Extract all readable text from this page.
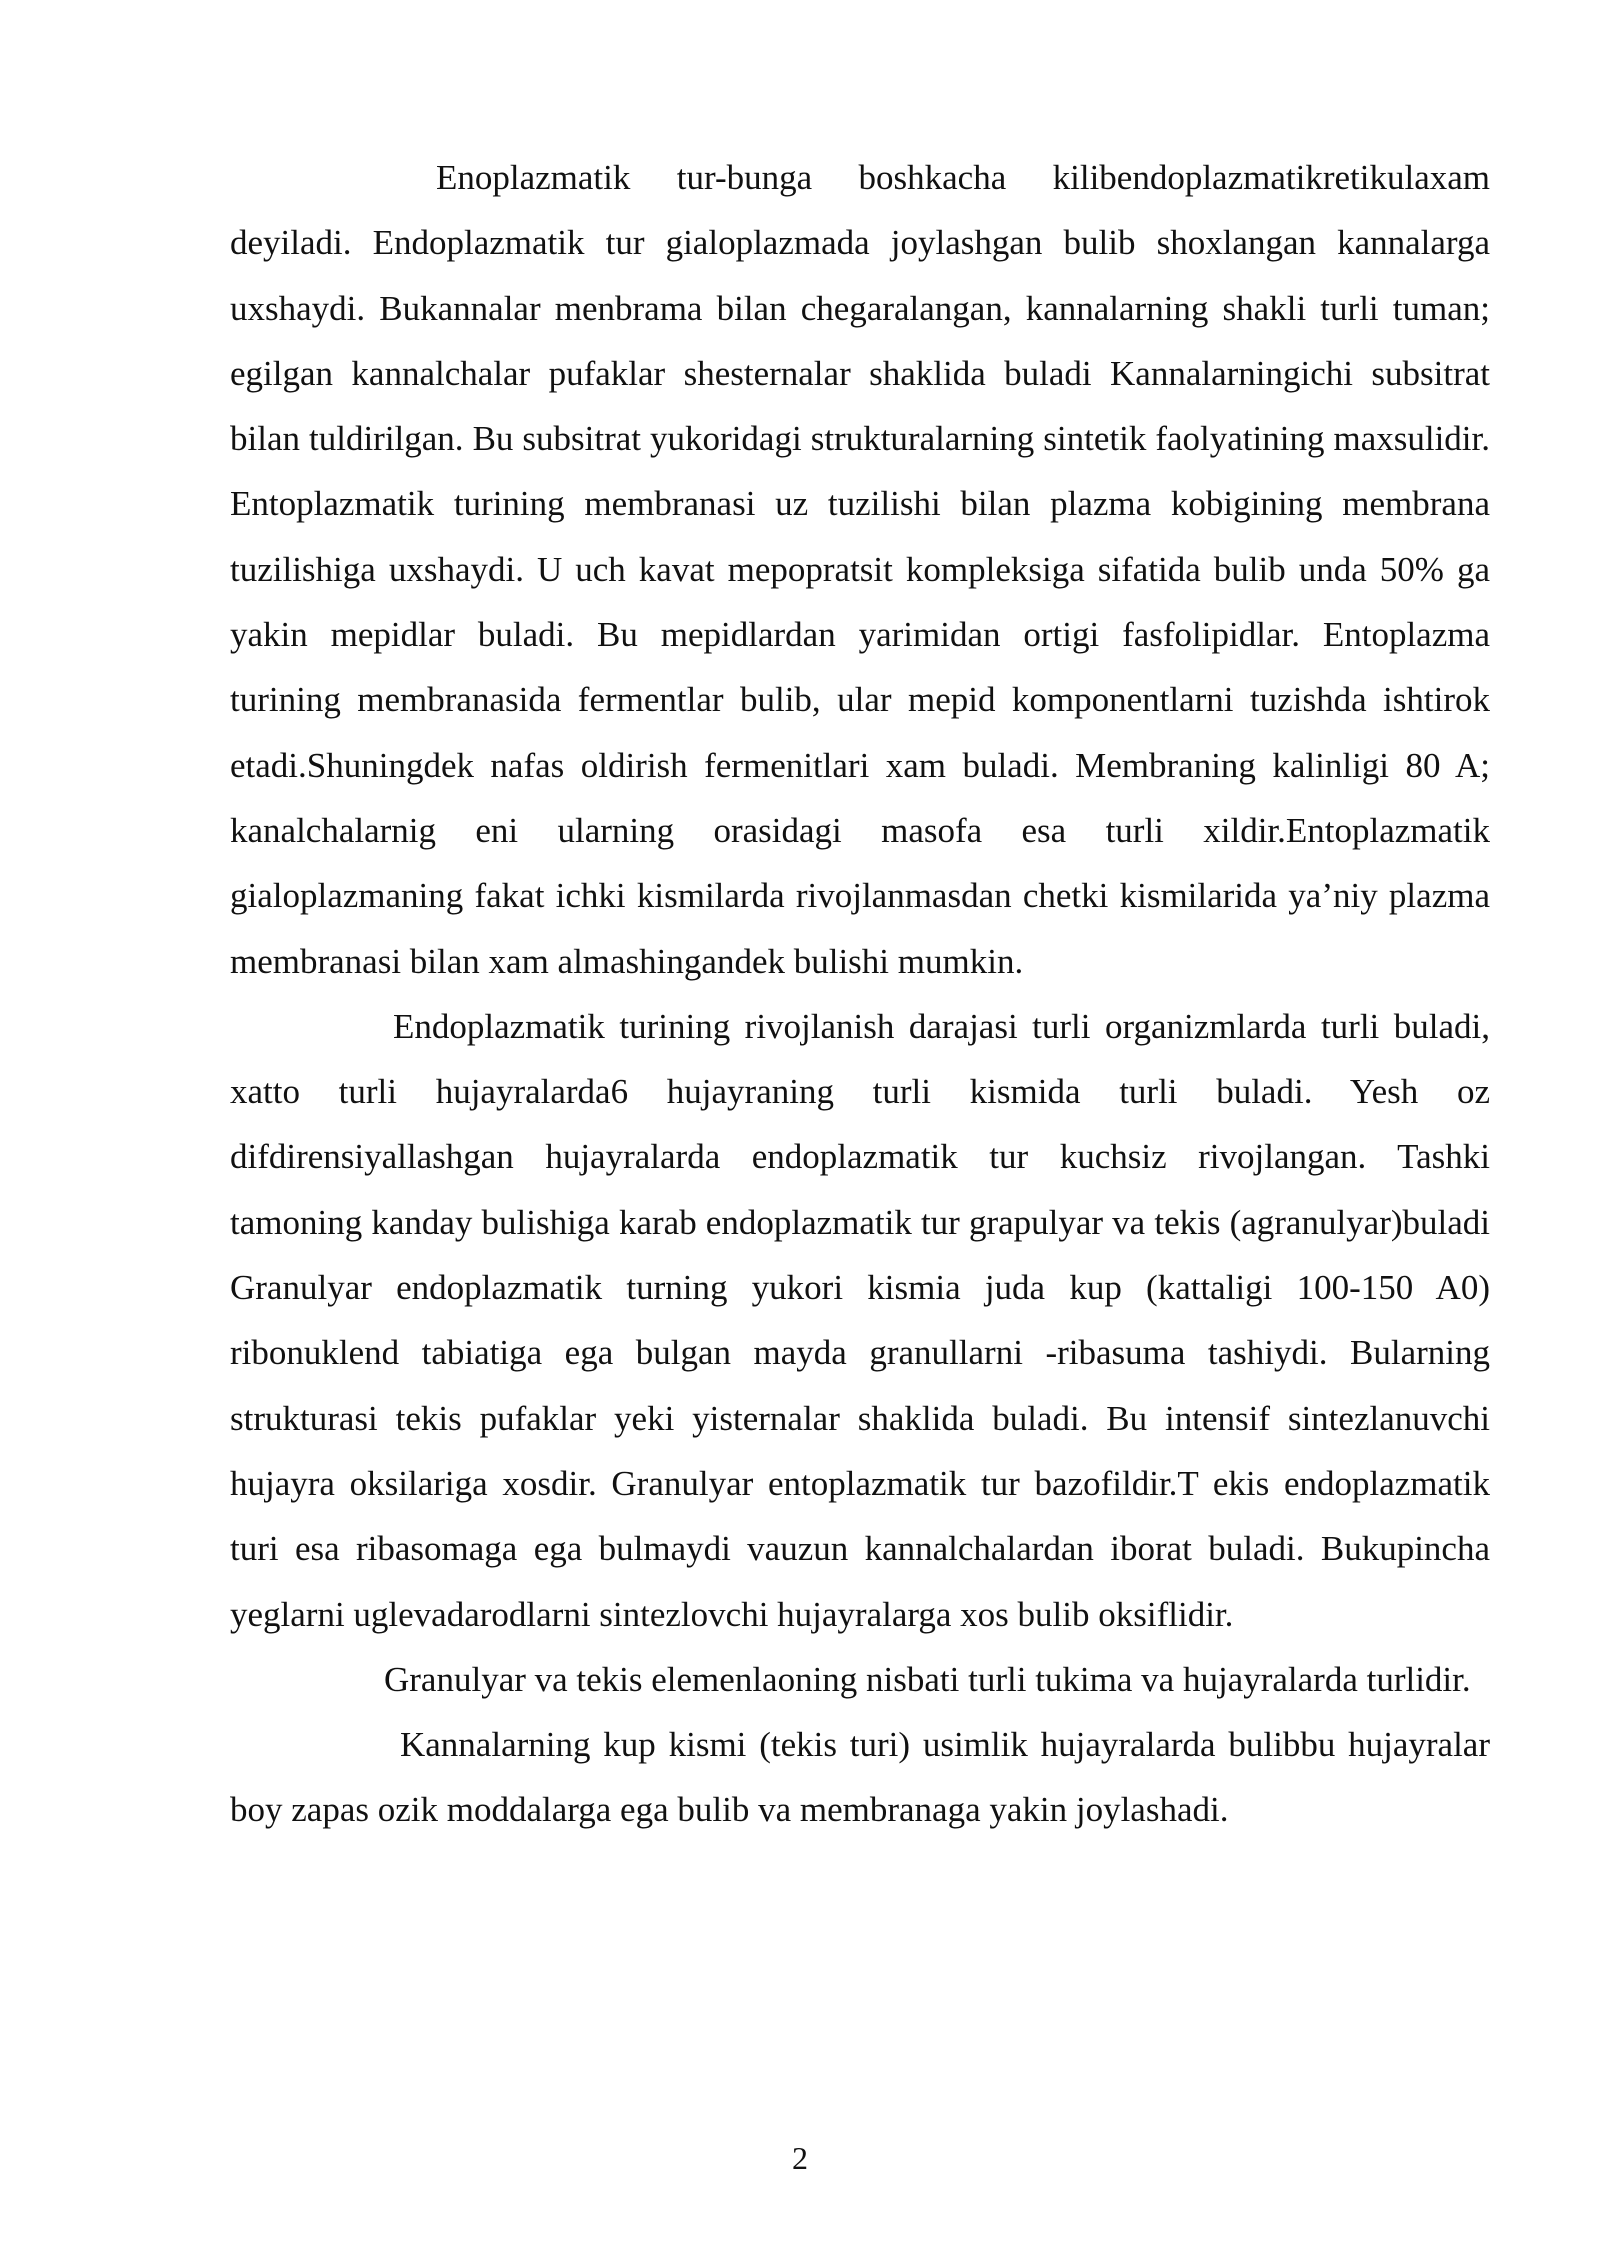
Enoplazmatik tur-bunga boshkacha kilibendoplazmatikretikulaxam deyiladi. Endoplazmatik tur gialoplazmada joylashgan bulib shoxlangan kannalarga uxshaydi. Bukannalar menbrama bilan chegaralangan, kannalarning shakli turli tuman; egilgan kannalchalar pufaklar shesternalar shaklida buladi Kannalarningichi subsitrat bilan tuldirilgan. Bu subsitrat yukoridagi strukturalarning sintetik faolyatining maxsulidir. Entoplazmatik turining membranasi uz tuzilishi bilan plazma kobigining membrana tuzilishiga uxshaydi. U uch kavat mepopratsit kompleksiga sifatida bulib unda 50% ga yakin mepidlar buladi. Bu mepidlardan yarimidan ortigi fasfolipidlar. Entoplazma turining membranasida fermentlar bulib, ular mepid komponentlarni tuzishda ishtirok etadi.Shuningdek nafas oldirish fermenitlari xam buladi. Membraning kalinligi 80 A; kanalchalarnig eni ularning orasidagi masofa esa turli xildir.Entoplazmatik gialoplazmaning fakat ichki kismilarda rivojlanmasdan chetki kismilarida ya’niy plazma membranasi bilan xam almashingandek bulishi mumkin.

Endoplazmatik turining rivojlanish darajasi turli organizmlarda turli buladi, xatto turli hujayralarda6 hujayraning turli kismida turli buladi. Yesh oz difdirensiyallashgan hujayralarda endoplazmatik tur kuchsiz rivojlangan. Tashki tamoning kanday bulishiga karab endoplazmatik tur grapulyar va tekis (agranulyar)buladi Granulyar endoplazmatik turning yukori kismia juda kup (kattaligi 100-150 A0) ribonuklend tabiatiga ega bulgan mayda granullarni -ribasuma tashiydi. Bularning strukturasi tekis pufaklar yeki yisternalar shaklida buladi. Bu intensif sintezlanuvchi hujayra oksilariga xosdir. Granulyar entoplazmatik tur bazofildir.T ekis endoplazmatik turi esa ribasomaga ega bulmaydi vauzun kannalchalardan iborat buladi. Bukupincha yeglarni uglevadarodlarni sintezlovchi hujayralarga xos bulib oksiflidir.

Granulyar va tekis elemenlaoning nisbati turli tukima va hujayralarda turlidir.

Kannalarning kup kismi (tekis turi) usimlik hujayralarda bulibbu hujayralar boy zapas ozik moddalarga ega bulib va membranaga yakin joylashadi.

2
